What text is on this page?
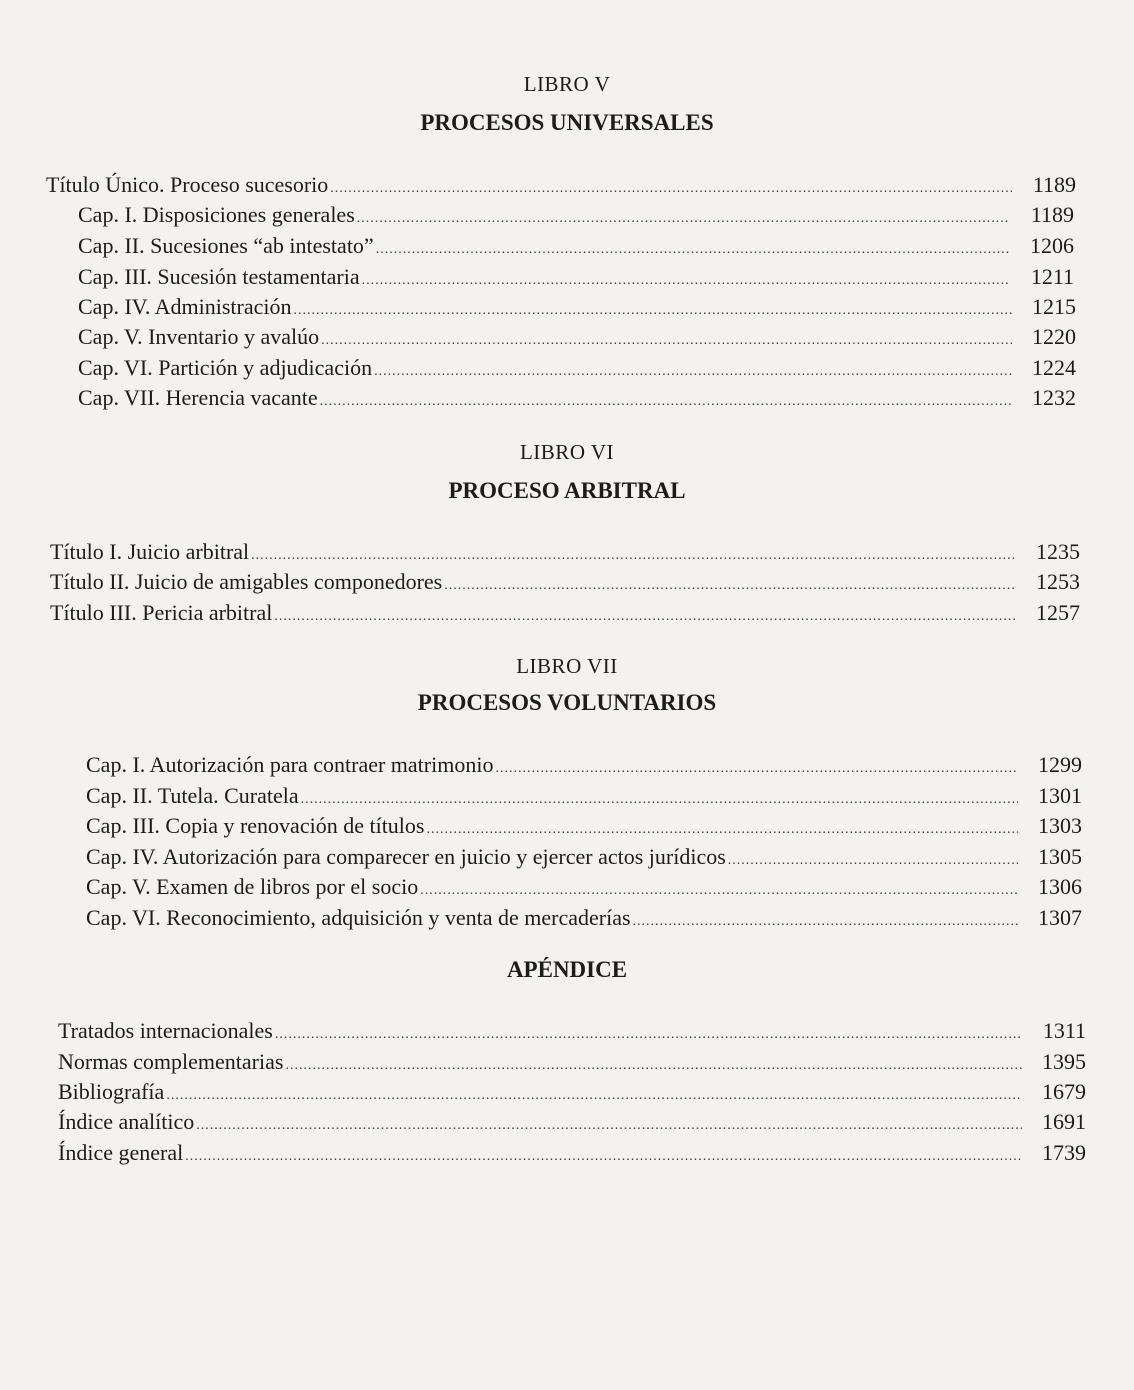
LIBRO V
PROCESOS UNIVERSALES
Título Único. Proceso sucesorio .....	1189
Cap. I. Disposiciones generales .....	1189
Cap. II. Sucesiones “ab intestato” .....	1206
Cap. III. Sucesión testamentaria .....	1211
Cap. IV. Administración .....	1215
Cap. V. Inventario y avalúo .....	1220
Cap. VI. Partición y adjudicación .....	1224
Cap. VII. Herencia vacante .....	1232
LIBRO VI
PROCESO ARBITRAL
Título I. Juicio arbitral .....	1235
Título II. Juicio de amigables componedores .....	1253
Título III. Pericia arbitral .....	1257
LIBRO VII
PROCESOS VOLUNTARIOS
Cap. I. Autorización para contraer matrimonio .....	1299
Cap. II. Tutela. Curatela .....	1301
Cap. III. Copia y renovación de títulos .....	1303
Cap. IV. Autorización para comparecer en juicio y ejercer actos jurídicos .....	1305
Cap. V. Examen de libros por el socio .....	1306
Cap. VI. Reconocimiento, adquisición y venta de mercaderías .....	1307
APÉNDICE
Tratados internacionales .....	1311
Normas complementarias .....	1395
Bibliografía .....	1679
Índice analítico .....	1691
Índice general .....	1739
